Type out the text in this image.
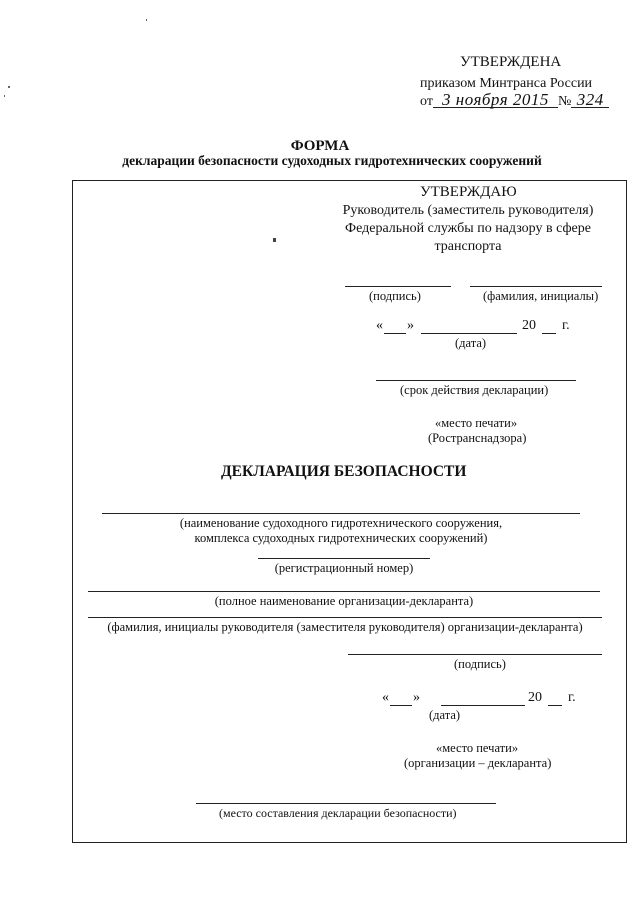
УТВЕРЖДЕНА
приказом Минтранса России
от 3 ноября 2015 № 324
ФОРМА
декларации безопасности судоходных гидротехнических сооружений
УТВЕРЖДАЮ
Руководитель (заместитель руководителя)
Федеральной службы по надзору в сфере
транспорта
(подпись)	(фамилия, инициалы)
« »	20 г.
(дата)
(срок действия декларации)
«место печати»
(Ространснадзора)
ДЕКЛАРАЦИЯ БЕЗОПАСНОСТИ
(наименование судоходного гидротехнического сооружения,
комплекса судоходных гидротехнических сооружений)
(регистрационный номер)
(полное наименование организации-декларанта)
(фамилия, инициалы руководителя (заместителя руководителя) организации-декларанта)
(подпись)
« »	20 г.
(дата)
«место печати»
(организации – декларанта)
(место составления декларации безопасности)
